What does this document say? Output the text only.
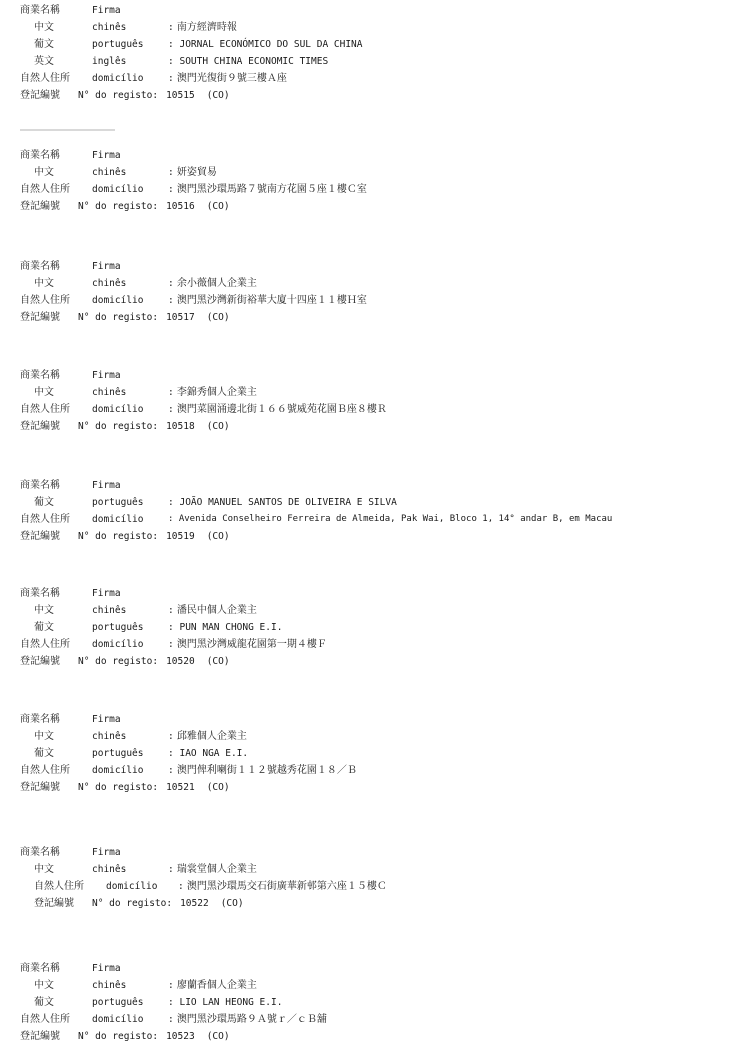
商業名稱	Firma
中文	chinês	: 南方經濟時報
葡文	português	: JORNAL ECONÓMICO DO SUL DA CHINA
英文	inglês	: SOUTH CHINA ECONOMIC TIMES
自然人住所 domicílio	: 澳門光復街９號三樓Ａ座
登記編號 N° do registo: 10515 (CO)
商業名稱	Firma
中文	chinês	: 妍姿貿易
自然人住所 domicílio	: 澳門黑沙環馬路７號南方花園５座１樓Ｃ室
登記編號 N° do registo: 10516 (CO)
商業名稱	Firma
中文	chinês	: 余小薇個人企業主
自然人住所 domicílio	: 澳門黑沙灣新街裕華大廈十四座１１樓Ｈ室
登記編號 N° do registo: 10517 (CO)
商業名稱	Firma
中文	chinês	: 李錦秀個人企業主
自然人住所 domicílio	: 澳門菜園涌邊北街１６６號威苑花園Ｂ座８樓Ｒ
登記編號 N° do registo: 10518 (CO)
商業名稱	Firma
葡文	português	: JOÃO MANUEL SANTOS DE OLIVEIRA E SILVA
自然人住所 domicílio	: Avenida Conselheiro Ferreira de Almeida, Pak Wai, Bloco 1, 14° andar B, em Macau
登記編號 N° do registo: 10519 (CO)
商業名稱	Firma
中文	chinês	: 潘民中個人企業主
葡文	português	: PUN MAN CHONG E.I.
自然人住所 domicílio	: 澳門黑沙灣威龍花園第一期４樓Ｆ
登記編號 N° do registo: 10520 (CO)
商業名稱	Firma
中文	chinês	: 邱雅個人企業主
葡文	português	: IAO NGA E.I.
自然人住所 domicílio	: 澳門俾利喇街１１２號越秀花園１８／Ｂ
登記編號 N° do registo: 10521 (CO)
商業名稱	Firma
中文	chinês	: 瑞裳堂個人企業主
自然人住所 domicílio : 澳門黑沙環馬交石街廣華新邨第六座１５樓Ｃ
登記編號 N° do registo: 10522 (CO)
商業名稱	Firma
中文	chinês	: 廖蘭香個人企業主
葡文	português	: LIO LAN HEONG E.I.
自然人住所 domicílio	: 澳門黑沙環馬路９Ａ號ｒ／ｃＢ舖
登記編號 N° do registo: 10523 (CO)
